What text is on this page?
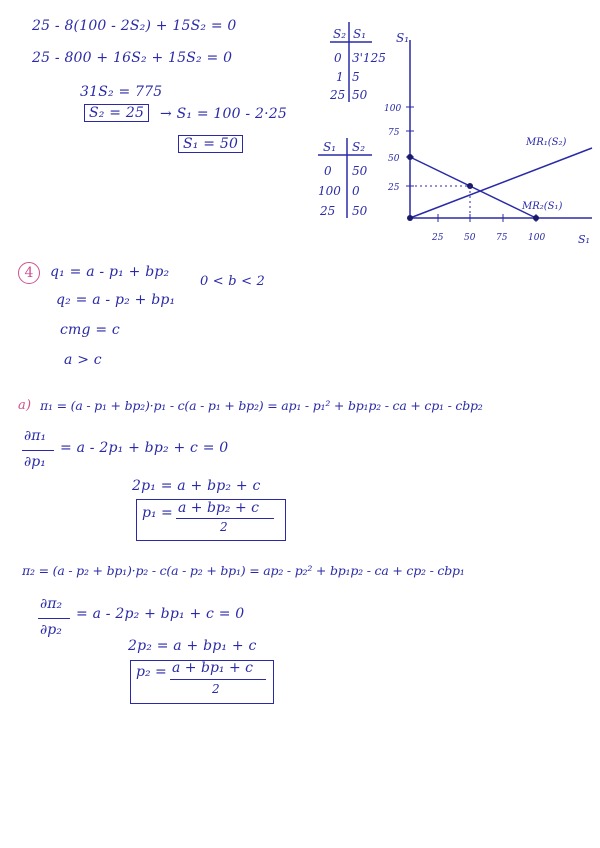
25 - 8(100 - 2S₂) + 15S₂ = 0
25 - 800 + 16S₂ + 15S₂ = 0
31S₂ = 775
S₂ = 25	→ S₁ = 100 - 2·25
S₁ = 50
S₂ S₁
0 3'125
1 5
25 50
S₁ S₂
0 50
100 0
25 50
S₁
S₁
100
75
50
25
25 50 75 100
MR₁(S₂)
MR₂(S₁)
4	q₁ = a - p₁ + bp₂
0 < b < 2
q₂ = a - p₂ + bp₁
cmg = c
a > c
a) π₁ = (a - p₁ + bp₂)·p₁ - c(a - p₁ + bp₂) = ap₁ - p₁² + bp₁p₂ - ca + cp₁ - cbp₂
∂π₁
∂p₁
= a - 2p₁ + bp₂ + c = 0
2p₁ = a + bp₂ + c
p₁ = a + bp₂ + c
2
π₂ = (a - p₂ + bp₁)·p₂ - c(a - p₂ + bp₁) = ap₂ - p₂² + bp₁p₂ - ca + cp₂ - cbp₁
∂π₂
∂p₂
= a - 2p₂ + bp₁ + c = 0
2p₂ = a + bp₁ + c
p₂ = a + bp₁ + c
2
